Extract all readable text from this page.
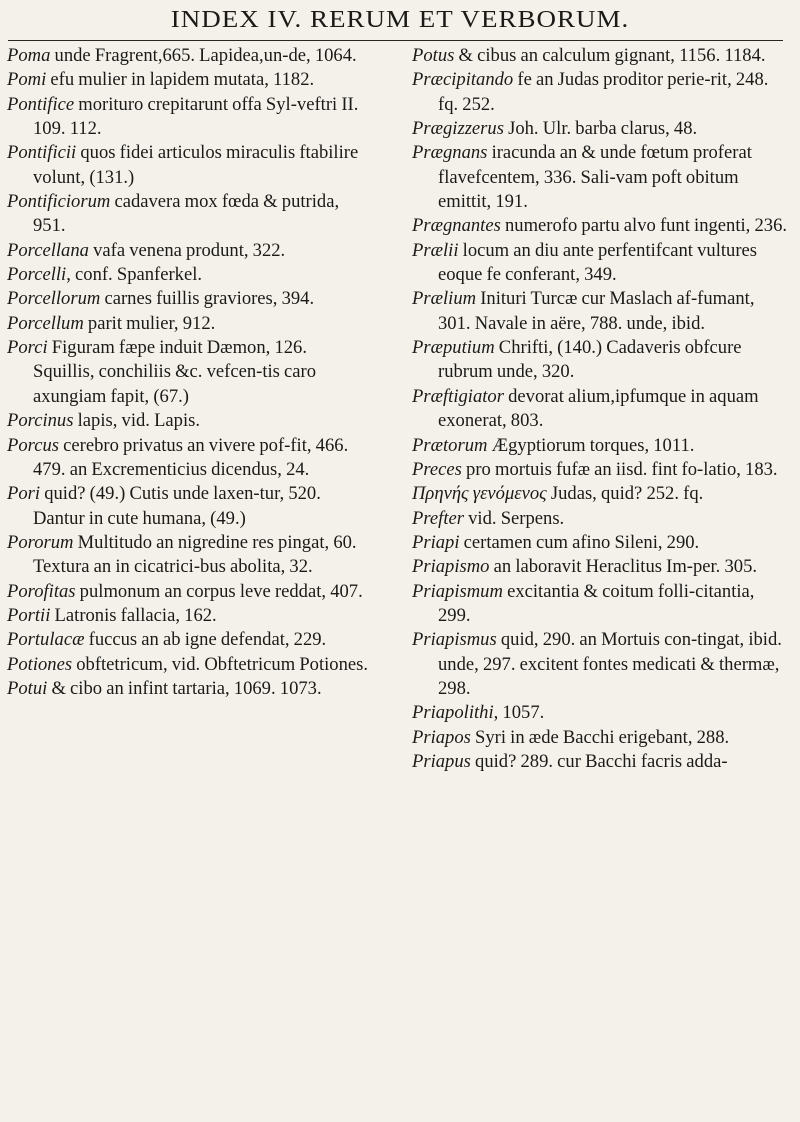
INDEX IV. RERUM ET VERBORUM.

Poma unde Fragrent,665. Lapidea,un-de, 1064.

Pomi efu mulier in lapidem mutata, 1182.

Pontifice morituro crepitarunt offa Syl-veftri II. 109. 112.

Pontificii quos fidei articulos miraculis ftabilire volunt, (131.)

Pontificiorum cadavera mox fœda & putrida, 951.

Porcellana vafa venena produnt, 322.

Porcelli, conf. Spanferkel.

Porcellorum carnes fuillis graviores, 394.

Porcellum parit mulier, 912.

Porci Figuram fæpe induit Dæmon, 126. Squillis, conchiliis &c. vefcen-tis caro axungiam fapit, (67.)

Porcinus lapis, vid. Lapis.

Porcus cerebro privatus an vivere pof-fit, 466. 479. an Excrementicius dicendus, 24.

Pori quid? (49.) Cutis unde laxen-tur, 520. Dantur in cute humana, (49.)

Pororum Multitudo an nigredine res pingat, 60. Textura an in cicatrici-bus abolita, 32.

Porofitas pulmonum an corpus leve reddat, 407.

Portii Latronis fallacia, 162.

Portulacæ fuccus an ab igne defendat, 229.

Potiones obftetricum, vid. Obftetricum Potiones.

Potui & cibo an infint tartaria, 1069. 1073.

Potus & cibus an calculum gignant, 1156. 1184.

Præcipitando fe an Judas proditor perie-rit, 248. fq. 252.

Prægizzerus Joh. Ulr. barba clarus, 48.

Prægnans iracunda an & unde fœtum proferat flavefcentem, 336. Sali-vam poft obitum emittit, 191.

Prægnantes numerofo partu alvo funt ingenti, 236.

Prælii locum an diu ante perfentifcant vultures eoque fe conferant, 349.

Prælium Inituri Turcæ cur Maslach af-fumant, 301. Navale in aëre, 788. unde, ibid.

Præputium Chrifti, (140.) Cadaveris obfcure rubrum unde, 320.

Præftigiator devorat alium,ipfumque in aquam exonerat, 803.

Prætorum Ægyptiorum torques, 1011.

Preces pro mortuis fufæ an iisd. fint fo-latio, 183.

Πρηνής γενόμενος Judas, quid? 252. fq.

Prefter vid. Serpens.

Priapi certamen cum afino Sileni, 290.

Priapismo an laboravit Heraclitus Im-per. 305.

Priapismum excitantia & coitum folli-citantia, 299.

Priapismus quid, 290. an Mortuis con-tingat, ibid. unde, 297. excitent fontes medicati & thermæ, 298.

Priapolithi, 1057.

Priapos Syri in æde Bacchi erigebant, 288.

Priapus quid? 289. cur Bacchi facris adda-
